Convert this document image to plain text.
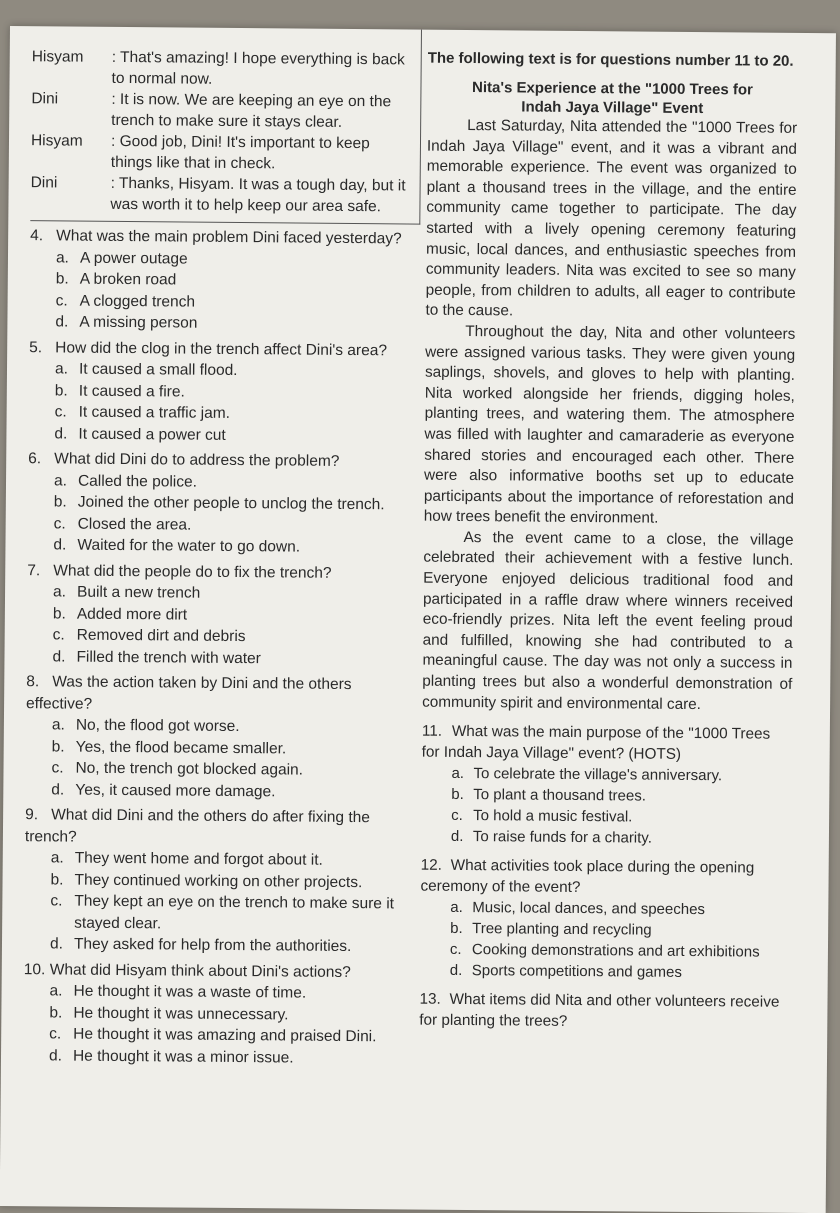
Hisyam	: That's amazing! I hope everything is back to normal now.
Dini	: It is now. We are keeping an eye on the trench to make sure it stays clear.
Hisyam	: Good job, Dini! It's important to keep things like that in check.
Dini	: Thanks, Hisyam. It was a tough day, but it was worth it to help keep our area safe.
4. What was the main problem Dini faced yesterday?
a. A power outage
b. A broken road
c. A clogged trench
d. A missing person
5. How did the clog in the trench affect Dini's area?
a. It caused a small flood.
b. It caused a fire.
c. It caused a traffic jam.
d. It caused a power cut
6. What did Dini do to address the problem?
a. Called the police.
b. Joined the other people to unclog the trench.
c. Closed the area.
d. Waited for the water to go down.
7. What did the people do to fix the trench?
a. Built a new trench
b. Added more dirt
c. Removed dirt and debris
d. Filled the trench with water
8. Was the action taken by Dini and the others effective?
a. No, the flood got worse.
b. Yes, the flood became smaller.
c. No, the trench got blocked again.
d. Yes, it caused more damage.
9. What did Dini and the others do after fixing the trench?
a. They went home and forgot about it.
b. They continued working on other projects.
c. They kept an eye on the trench to make sure it stayed clear.
d. They asked for help from the authorities.
10. What did Hisyam think about Dini's actions?
a. He thought it was a waste of time.
b. He thought it was unnecessary.
c. He thought it was amazing and praised Dini.
d. He thought it was a minor issue.
The following text is for questions number 11 to 20.
Nita's Experience at the "1000 Trees for
Indah Jaya Village" Event

Last Saturday, Nita attended the "1000 Trees for Indah Jaya Village" event, and it was a vibrant and memorable experience. The event was organized to plant a thousand trees in the village, and the entire community came together to participate. The day started with a lively opening ceremony featuring music, local dances, and enthusiastic speeches from community leaders. Nita was excited to see so many people, from children to adults, all eager to contribute to the cause.

Throughout the day, Nita and other volunteers were assigned various tasks. They were given young saplings, shovels, and gloves to help with planting. Nita worked alongside her friends, digging holes, planting trees, and watering them. The atmosphere was filled with laughter and camaraderie as everyone shared stories and encouraged each other. There were also informative booths set up to educate participants about the importance of reforestation and how trees benefit the environment.

As the event came to a close, the village celebrated their achievement with a festive lunch. Everyone enjoyed delicious traditional food and participated in a raffle draw where winners received eco-friendly prizes. Nita left the event feeling proud and fulfilled, knowing she had contributed to a meaningful cause. The day was not only a success in planting trees but also a wonderful demonstration of community spirit and environmental care.

11. What was the main purpose of the "1000 Trees for Indah Jaya Village" event? (HOTS)
a. To celebrate the village's anniversary.
b. To plant a thousand trees.
c. To hold a music festival.
d. To raise funds for a charity.
12. What activities took place during the opening ceremony of the event?
a. Music, local dances, and speeches
b. Tree planting and recycling
c. Cooking demonstrations and art exhibitions
d. Sports competitions and games
13. What items did Nita and other volunteers receive for planting the trees?
